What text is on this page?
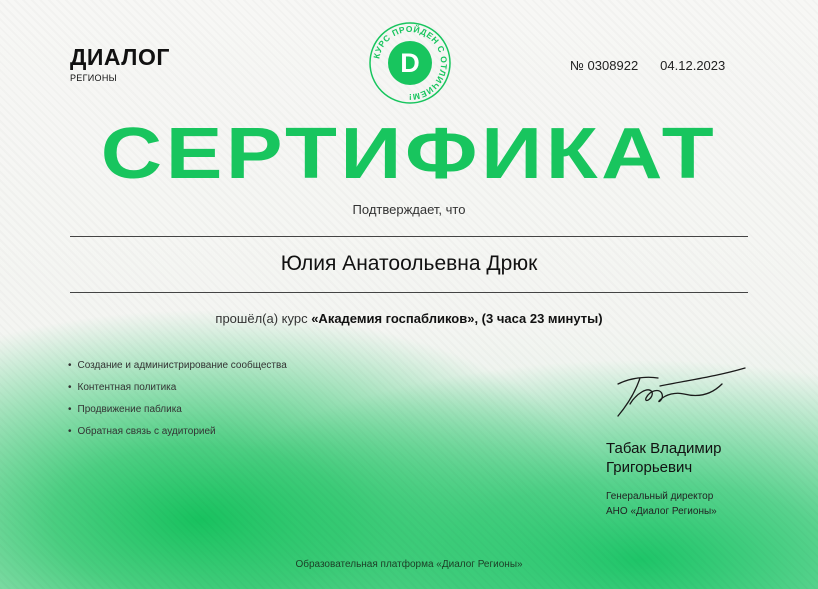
ДИАЛОГ
РЕГИОНЫ
КУРС ПРОЙДЕН С ОТЛИЧИЕМ!
D	№ 0308922 04.12.2023
СЕРТИФИКАТ
Подтверждает, что
Юлия Анатоольевна Дрюк
прошёл(а) курс «Академия госпабликов», (3 часа 23 минуты)
• Создание и администрирование сообщества
• Контентная политика
• Продвижение паблика
• Обратная связь с аудиторией
Табак Владимир
Григорьевич
Генеральный директор
АНО «Диалог Регионы»
Образовательная платформа «Диалог Регионы»
